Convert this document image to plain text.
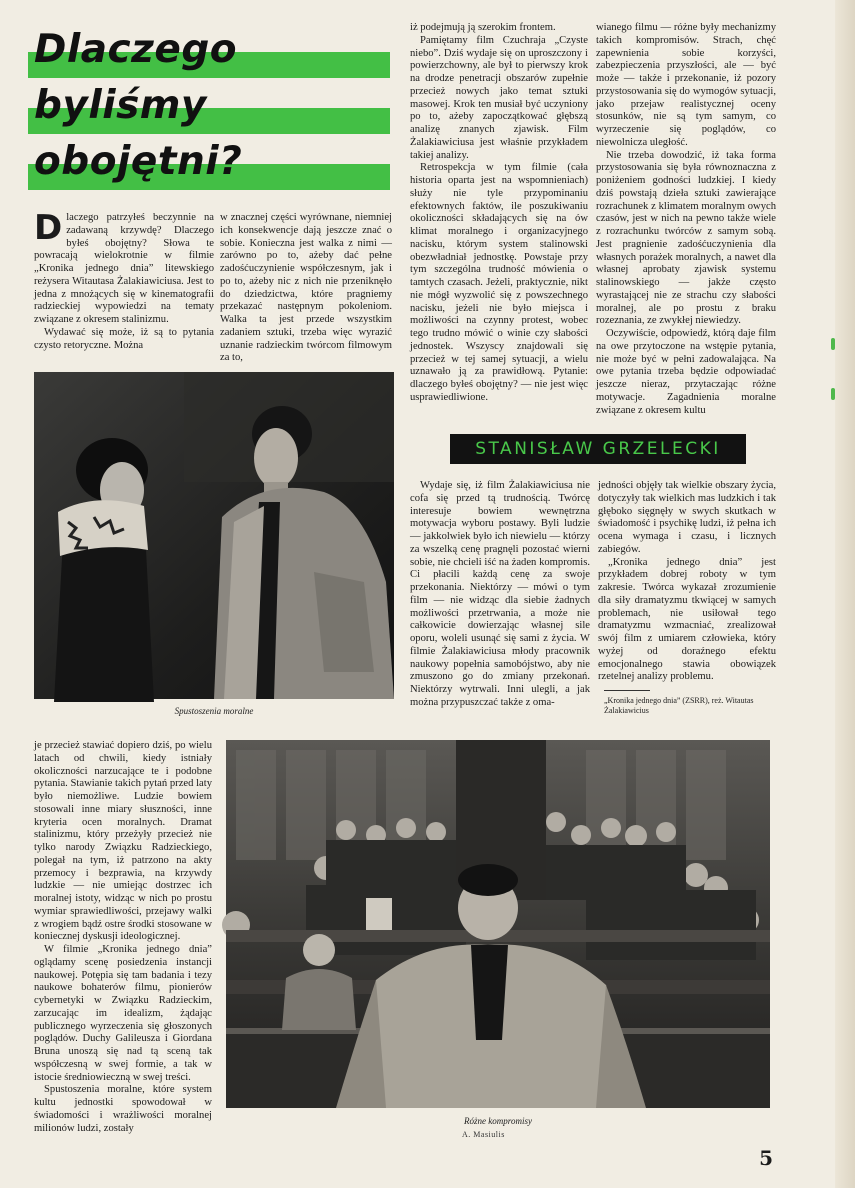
Dlaczego
byliśmy
obojętni?

Dlaczego patrzyłeś beczynnie na zadawaną krzywdę? Dlaczego byłeś obojętny? Słowa te powracają wielokrotnie w filmie „Kronika jednego dnia” litewskiego reżysera Witautasa Żalakiawiciusa. Jest to jedna z mnożących się w kinematografii radzieckiej wypowiedzi na tematy związane z okresem stalinizmu.

Wydawać się może, iż są to pytania czysto retoryczne. Można

w znacznej części wyrównane, niemniej ich konsekwencje dają jeszcze znać o sobie. Konieczna jest walka z nimi — zarówno po to, ażeby dać pełne zadośćuczynienie współczesnym, jak i po to, ażeby nic z nich nie przeniknęło do dziedzictwa, które pragniemy przekazać następnym pokoleniom. Walka ta jest przede wszystkim zadaniem sztuki, trzeba więc wyrazić uznanie radzieckim twórcom filmowym za to,

iż podejmują ją szerokim frontem.

Pamiętamy film Czuchraja „Czyste niebo”. Dziś wydaje się on uproszczony i powierzchowny, ale był to pierwszy krok na drodze penetracji obszarów zupełnie przecież nowych jako temat sztuki masowej. Krok ten musiał być uczyniony po to, ażeby zapoczątkować głębszą analizę znanych zjawisk. Film Żalakiawiciusa jest właśnie przykładem takiej analizy.

Retrospekcja w tym filmie (cała historia oparta jest na wspomnieniach) służy nie tyle przypominaniu efektownych faktów, ile poszukiwaniu okoliczności składających się na ów klimat moralnego i organizacyjnego nacisku, którym system stalinowski obezwładniał jednostkę. Powstaje przy tym szczególna trudność mówienia o tamtych czasach. Jeżeli, praktycznie, nikt nie mógł wyzwolić się z powszechnego nacisku, jeżeli nie było miejsca i możliwości na czynny protest, wobec tego trudno mówić o winie czy słabości jednostek. Wszyscy znajdowali się przecież w tej samej sytuacji, a wielu uznawało ją za prawidłową. Pytanie: dlaczego byłeś obojętny? — nie jest więc usprawiedliwione.

wianego filmu — różne były mechanizmy takich kompromisów. Strach, chęć zapewnienia sobie korzyści, zabezpieczenia przyszłości, ale — być może — także i przekonanie, iż pozory przystosowania się do wymogów sytuacji, jako przejaw realistycznej oceny stosunków, nie są tym samym, co wyrzeczenie się poglądów, co niewolnicza uległość.

Nie trzeba dowodzić, iż taka forma przystosowania się była równoznaczna z poniżeniem godności ludzkiej. I kiedy dziś powstają dzieła sztuki zawierające rozrachunek z klimatem moralnym owych czasów, jest w nich na pewno także wiele z rozrachunku twórców z samym sobą. Jest pragnienie zadośćuczynienia dla własnych porażek moralnych, a nawet dla własnej aprobaty zjawisk systemu stalinowskiego — jakże często wyrastającej nie ze strachu czy słabości moralnej, ale po prostu z braku rozeznania, ze zwykłej niewiedzy.

Oczywiście, odpowiedź, którą daje film na owe przytoczone na wstępie pytania, nie może być w pełni zadowalająca. Na owe pytania trzeba będzie odpowiadać jeszcze nieraz, przytaczając różne motywacje. Zagadnienia moralne związane z okresem kultu

Spustoszenia moralne
STANISŁAW GRZELECKI

Wydaje się, iż film Żalakiawiciusa nie cofa się przed tą trudnością. Twórcę interesuje bowiem wewnętrzna motywacja wyboru postawy. Byli ludzie — jakkolwiek było ich niewielu — którzy za wszelką cenę pragnęli pozostać wierni sobie, nie chcieli iść na żaden kompromis. Ci płacili każdą cenę za swoje przekonania. Niektórzy — mówi o tym film — nie widząc dla siebie żadnych możliwości przetrwania, a może nie całkowicie dowierzając własnej sile oporu, woleli usunąć się sami z życia. W filmie Żalakiawiciusa młody pracownik naukowy popełnia samobójstwo, aby nie zmuszono go do zmiany przekonań. Niektórzy wytrwali. Inni ulegli, a jak można przypuszczać także z oma-

jedności objęły tak wielkie obszary życia, dotyczyły tak wielkich mas ludzkich i tak głęboko sięgnęły w swych skutkach w świadomość i psychikę ludzi, iż pełna ich ocena wymaga i czasu, i licznych zabiegów.

„Kronika jednego dnia” jest przykładem dobrej roboty w tym zakresie. Twórca wykazał zrozumienie dla siły dramatyzmu tkwiącej w samych problemach, nie usiłował tego dramatyzmu wzmacniać, zrealizował swój film z umiarem człowieka, który wyżej od doraźnego efektu emocjonalnego stawia obowiązek rzetelnej analizy problemu.

„Kronika jednego dnia” (ZSRR), reż. Witautas Żalakiawicius

je przecież stawiać dopiero dziś, po wielu latach od chwili, kiedy istniały okoliczności narzucające te i podobne pytania. Stawianie takich pytań przed laty było niemożliwe. Ludzie bowiem stosowali inne miary słuszności, inne kryteria ocen moralnych. Dramat stalinizmu, który przeżyły przecież nie tylko narody Związku Radzieckiego, polegał na tym, iż patrzono na akty przemocy i bezprawia, na krzywdy ludzkie — nie umiejąc dostrzec ich moralnej istoty, widząc w nich po prostu wymiar sprawiedliwości, przejawy walki z wrogiem bądź ostre środki stosowane w koniecznej dyskusji ideologicznej.

W filmie „Kronika jednego dnia” oglądamy scenę posiedzenia instancji naukowej. Potępia się tam badania i tezy naukowe bohaterów filmu, pionierów cybernetyki w Związku Radzieckim, zarzucając im idealizm, żądając publicznego wyrzeczenia się głoszonych poglądów. Duchy Galileusza i Giordana Bruna unoszą się nad tą sceną tak współczesną w swej formie, a tak w istocie średniowieczną w swej treści.

Spustoszenia moralne, które system kultu jednostki spowodował w świadomości i wrażliwości moralnej milionów ludzi, zostały

Różne kompromisy
A. Masiulis
5
